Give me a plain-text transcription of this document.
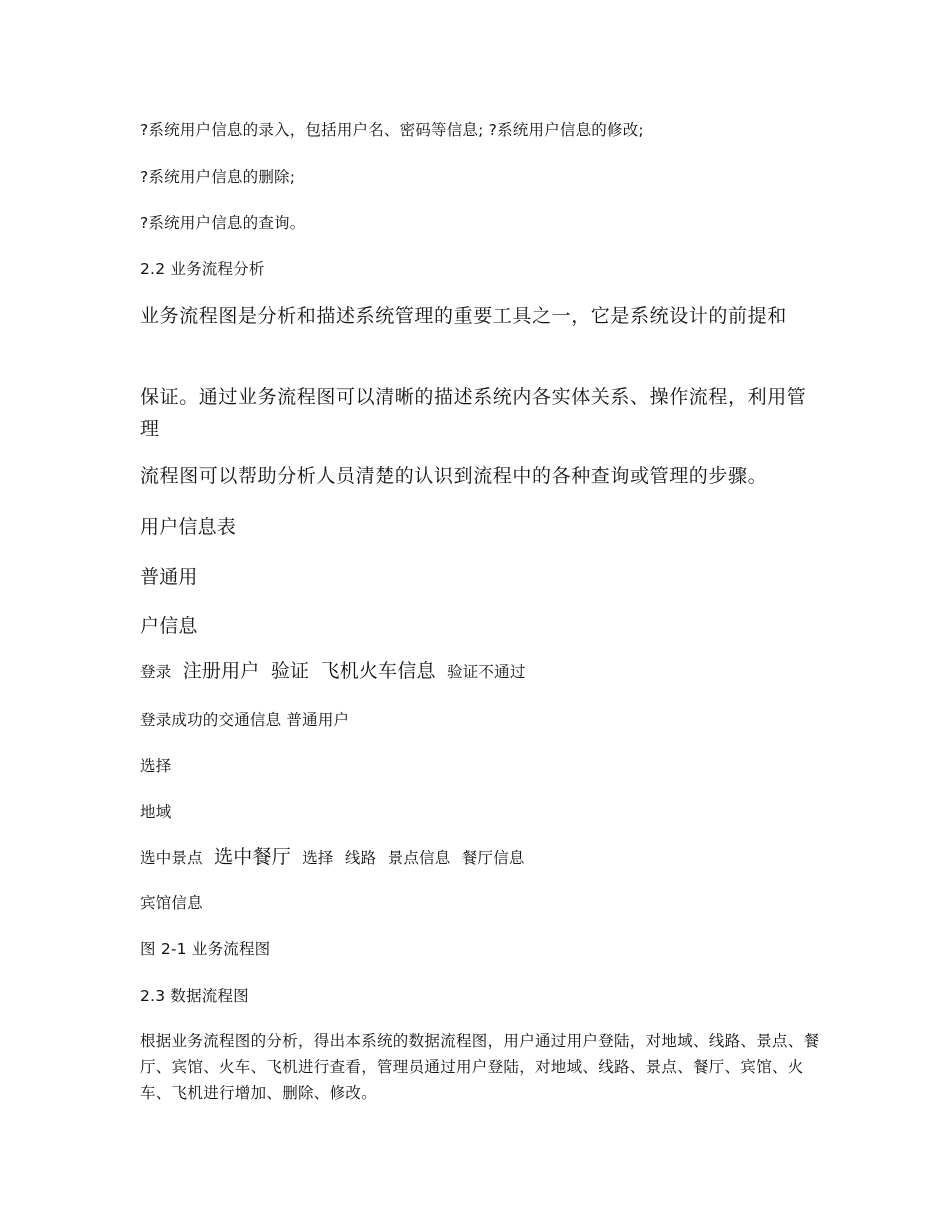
?系统用户信息的录入，包括用户名、密码等信息; ?系统用户信息的修改;
?系统用户信息的删除;
?系统用户信息的查询。
2.2 业务流程分析
业务流程图是分析和描述系统管理的重要工具之一，它是系统设计的前提和
保证。通过业务流程图可以清晰的描述系统内各实体关系、操作流程，利用管理
流程图可以帮助分析人员清楚的认识到流程中的各种查询或管理的步骤。
用户信息表
普通用
户信息
登录 注册用户 验证 飞机火车信息 验证不通过
登录成功的交通信息 普通用户
选择
地域
选中景点 选中餐厅 选择 线路 景点信息 餐厅信息
宾馆信息
图 2-1 业务流程图
2.3 数据流程图
根据业务流程图的分析，得出本系统的数据流程图，用户通过用户登陆，对地域、线路、景点、餐厅、宾馆、火车、飞机进行查看，管理员通过用户登陆，对地域、线路、景点、餐厅、宾馆、火车、飞机进行增加、删除、修改。
